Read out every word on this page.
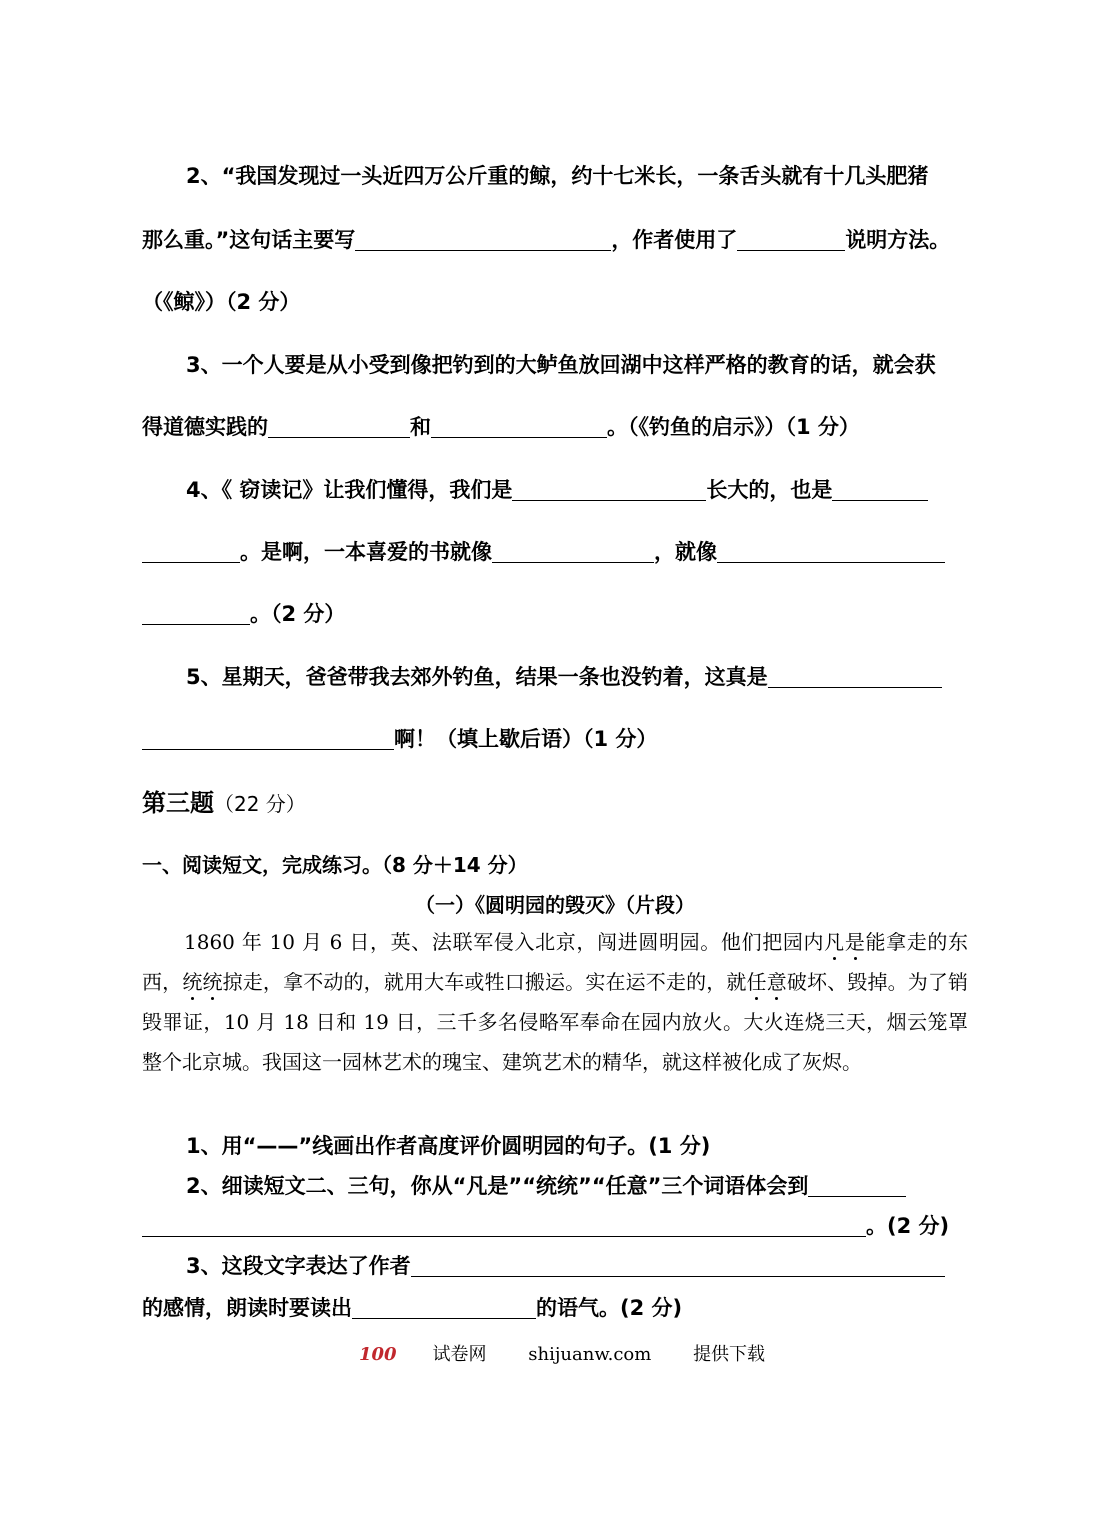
2、“我国发现过一头近四万公斤重的鲸，约十七米长，一条舌头就有十几头肥猪
那么重。”这句话主要写	，作者使用了	说明方法。
（《鲸》）（2 分）
3、一个人要是从小受到像把钓到的大鲈鱼放回湖中这样严格的教育的话，就会获
得道德实践的	和	。（《钓鱼的启示》）（1 分）
4、《 窃读记》让我们懂得，我们是	长大的，也是
。是啊，一本喜爱的书就像	，就像
。（2 分）
5、星期天，爸爸带我去郊外钓鱼，结果一条也没钓着，这真是
啊！（填上歇后语）（1 分）
第三题（22 分）
一、阅读短文，完成练习。（8 分＋14 分）
（一）《圆明园的毁灭》（片段）
1860 年 10 月 6 日，英、法联军侵入北京，闯进圆明园。他们把园内凡是能拿走的东西，统统掠走，拿不动的，就用大车或牲口搬运。实在运不走的，就任意破坏、毁掉。为了销毁罪证，10 月 18 日和 19 日，三千多名侵略军奉命在园内放火。大火连烧三天，烟云笼罩整个北京城。我国这一园林艺术的瑰宝、建筑艺术的精华，就这样被化成了灰烬。
1、用“——”线画出作者高度评价圆明园的句子。(1 分)
2、细读短文二、三句，你从“凡是”“统统”“任意”三个词语体会到
。(2 分)
3、这段文字表达了作者
的感情，朗读时要读出	的语气。(2 分)
100 试卷网 shijuanw.com 提供下载
